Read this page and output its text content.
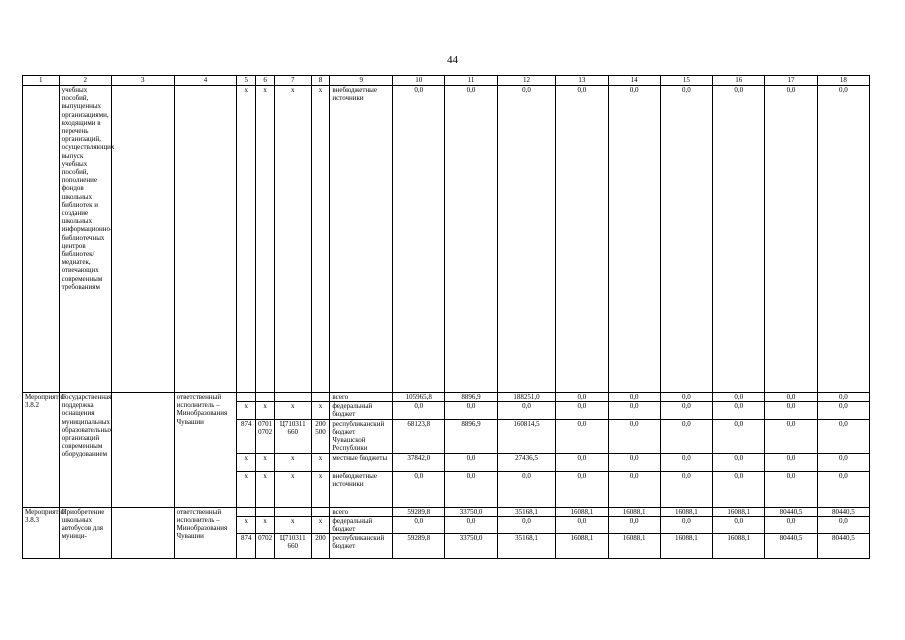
44
1	2	3	4	5	6	7	8	9	10	11	12	13	14	15	16	17	18
	учебных пособий, выпущенных организациями, входящими в перечень организаций, осуществляющих выпуск учебных пособий, пополнение фондов школьных библиотек и создание школьных информационно-библиотечных центров библиотек/медиатек, отвечающих современным требованиям			x	x	x	x	внебюджетные источники	0,0	0,0	0,0	0,0	0,0	0,0	0,0	0,0	0,0
Мероприятие 3.8.2	Государственная поддержка оснащения муниципальных образовательных организаций современным оборудованием		ответственный исполнитель – Минобразования Чувашии					всего	105965,8	8896,9	188251,0	0,0	0,0	0,0	0,0	0,0	0,0
				x	x	x	x	федеральный бюджет	0,0	0,0	0,0	0,0	0,0	0,0	0,0	0,0	0,0
				874	0701 0702	Ц710311 660	200 500	республиканский бюджет Чувашской Республики	68123,8	8896,9	160814,5	0,0	0,0	0,0	0,0	0,0	0,0
				x	x	x	x	местные бюджеты	37842,0	0,0	27436,5	0,0	0,0	0,0	0,0	0,0	0,0
				x	x	x	x	внебюджетные источники	0,0	0,0	0,0	0,0	0,0	0,0	0,0	0,0	0,0
Мероприятие 3.8.3	Приобретение школьных автобусов для муници-		ответственный исполнитель – Минобразования Чувашии					всего	59289,8	33750,0	35168,1	16088,1	16088,1	16088,1	16088,1	80440,5	80440,5
				x	x	x	x	федеральный бюджет	0,0	0,0	0,0	0,0	0,0	0,0	0,0	0,0	0,0
				874	0702	Ц710311 660	200	республиканский бюджет	59289,8	33750,0	35168,1	16088,1	16088,1	16088,1	16088,1	80440,5	80440,5
